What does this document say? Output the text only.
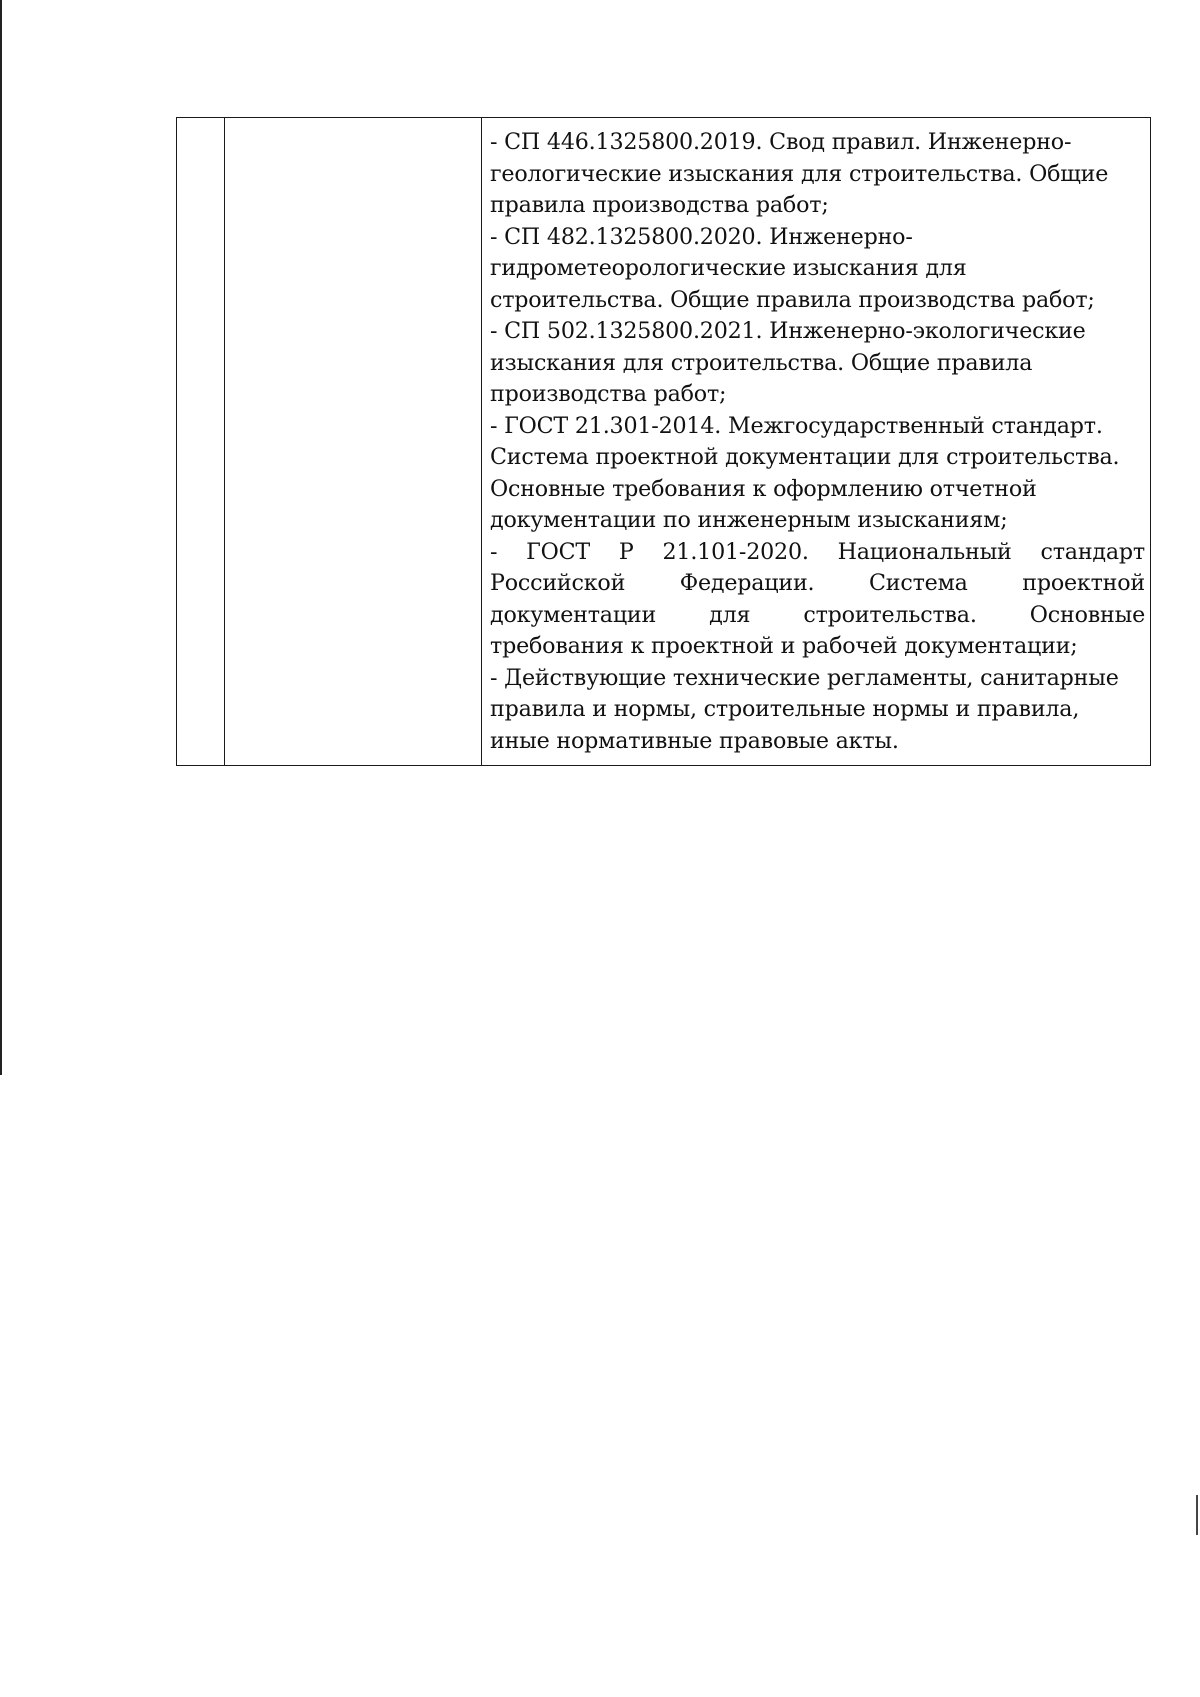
- СП 446.1325800.2019. Свод правил. Инженерно-геологические изыскания для строительства. Общие правила производства работ;

- СП 482.1325800.2020. Инженерно-гидрометеорологические изыскания для строительства. Общие правила производства работ;

- СП 502.1325800.2021. Инженерно-экологические изыскания для строительства. Общие правила производства работ;

- ГОСТ 21.301-2014. Межгосударственный стандарт. Система проектной документации для строительства. Основные требования к оформлению отчетной документации по инженерным изысканиям;

- ГОСТ Р 21.101-2020. Национальный стандарт Российской Федерации. Система проектной документации для строительства. Основные требования к проектной и рабочей документации;

- Действующие технические регламенты, санитарные правила и нормы, строительные нормы и правила, иные нормативные правовые акты.
